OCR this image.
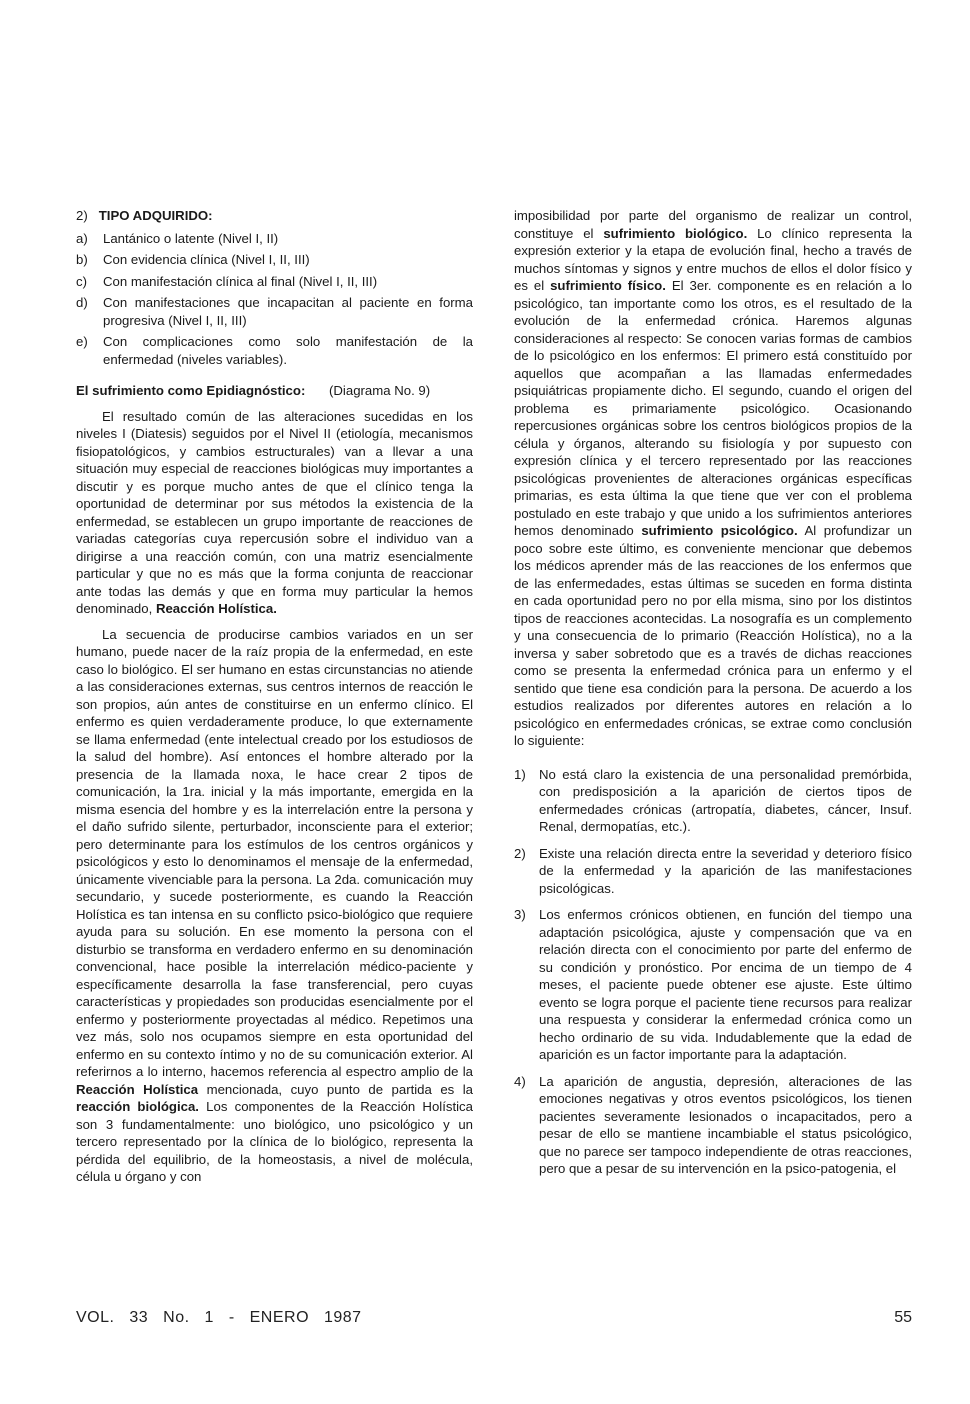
2) TIPO ADQUIRIDO:
a) Lantánico o latente (Nivel I, II)
b) Con evidencia clínica (Nivel I, II, III)
c) Con manifestación clínica al final (Nivel I, II, III)
d) Con manifestaciones que incapacitan al paciente en forma progresiva (Nivel I, II, III)
e) Con complicaciones como solo manifestación de la enfermedad (niveles variables).
El sufrimiento como Epidiagnóstico: (Diagrama No. 9)

El resultado común de las alteraciones sucedidas en los niveles I (Diatesis) seguidos por el Nivel II (etiología, mecanismos fisiopatológicos, y cambios estructurales) van a llevar a una situación muy especial de reacciones biológicas muy importantes a discutir y es porque mucho antes de que el clínico tenga la oportunidad de determinar por sus métodos la existencia de la enfermedad, se establecen un grupo importante de reacciones de variadas categorías cuya repercusión sobre el individuo van a dirigirse a una reacción común, con una matriz esencialmente particular y que no es más que la forma conjunta de reaccionar ante todas las demás y que en forma muy particular la hemos denominado, Reacción Holística.

La secuencia de producirse cambios variados en un ser humano, puede nacer de la raíz propia de la enfermedad, en este caso lo biológico. El ser humano en estas circunstancias no atiende a las consideraciones externas, sus centros internos de reacción le son propios, aún antes de constituirse en un enfermo clínico. El enfermo es quien verdaderamente produce, lo que externamente se llama enfermedad (ente intelectual creado por los estudiosos de la salud del hombre). Así entonces el hombre alterado por la presencia de la llamada noxa, le hace crear 2 tipos de comunicación, la 1ra. inicial y la más importante, emergida en la misma esencia del hombre y es la interrelación entre la persona y el daño sufrido silente, perturbador, inconsciente para el exterior; pero determinante para los estímulos de los centros orgánicos y psicológicos y esto lo denominamos el mensaje de la enfermedad, únicamente vivenciable para la persona. La 2da. comunicación muy secundario, y sucede posteriormente, es cuando la Reacción Holística es tan intensa en su conflicto psico-biológico que requiere ayuda para su solución. En ese momento la persona con el disturbio se transforma en verdadero enfermo en su denominación convencional, hace posible la interrelación médico-paciente y específicamente desarrolla la fase transferencial, pero cuyas características y propiedades son producidas esencialmente por el enfermo y posteriormente proyectadas al médico. Repetimos una vez más, solo nos ocupamos siempre en esta oportunidad del enfermo en su contexto íntimo y no de su comunicación exterior. Al referirnos a lo interno, hacemos referencia al espectro amplio de la Reacción Holística mencionada, cuyo punto de partida es la reacción biológica. Los componentes de la Reacción Holística son 3 fundamentalmente: uno biológico, uno psicológico y un tercero representado por la clínica de lo biológico, representa la pérdida del equilibrio, de la homeostasis, a nivel de molécula, célula u órgano y con

imposibilidad por parte del organismo de realizar un control, constituye el sufrimiento biológico. Lo clínico representa la expresión exterior y la etapa de evolución final, hecho a través de muchos síntomas y signos y entre muchos de ellos el dolor físico y es el sufrimiento físico. El 3er. componente es en relación a lo psicológico, tan importante como los otros, es el resultado de la evolución de la enfermedad crónica. Haremos algunas consideraciones al respecto: Se conocen varias formas de cambios de lo psicológico en los enfermos: El primero está constituído por aquellos que acompañan a las llamadas enfermedades psiquiátricas propiamente dicho. El segundo, cuando el origen del problema es primariamente psicológico. Ocasionando repercusiones orgánicas sobre los centros biológicos propios de la célula y órganos, alterando su fisiología y por supuesto con expresión clínica y el tercero representado por las reacciones psicológicas provenientes de alteraciones orgánicas específicas primarias, es esta última la que tiene que ver con el problema postulado en este trabajo y que unido a los sufrimientos anteriores hemos denominado sufrimiento psicológico. Al profundizar un poco sobre este último, es conveniente mencionar que debemos los médicos aprender más de las reacciones de los enfermos que de las enfermedades, estas últimas se suceden en forma distinta en cada oportunidad pero no por ella misma, sino por los distintos tipos de reacciones acontecidas. La nosografía es un complemento y una consecuencia de lo primario (Reacción Holística), no a la inversa y saber sobretodo que es a través de dichas reacciones como se presenta la enfermedad crónica para un enfermo y el sentido que tiene esa condición para la persona. De acuerdo a los estudios realizados por diferentes autores en relación a lo psicológico en enfermedades crónicas, se extrae como conclusión lo siguiente:

1) No está claro la existencia de una personalidad premórbida, con predisposición a la aparición de ciertos tipos de enfermedades crónicas (artropatía, diabetes, cáncer, Insuf. Renal, dermopatías, etc.).
2) Existe una relación directa entre la severidad y deterioro físico de la enfermedad y la aparición de las manifestaciones psicológicas.
3) Los enfermos crónicos obtienen, en función del tiempo una adaptación psicológica, ajuste y compensación que va en relación directa con el conocimiento por parte del enfermo de su condición y pronóstico. Por encima de un tiempo de 4 meses, el paciente puede obtener ese ajuste. Este último evento se logra porque el paciente tiene recursos para realizar una respuesta y considerar la enfermedad crónica como un hecho ordinario de su vida. Indudablemente que la edad de aparición es un factor importante para la adaptación.
4) La aparición de angustia, depresión, alteraciones de las emociones negativas y otros eventos psicológicos, los tienen pacientes severamente lesionados o incapacitados, pero a pesar de ello se mantiene incambiable el status psicológico, que no parece ser tampoco independiente de otras reacciones, pero que a pesar de su intervención en la psico-patogenia, el
VOL. 33 No. 1 - ENERO 1987	55
